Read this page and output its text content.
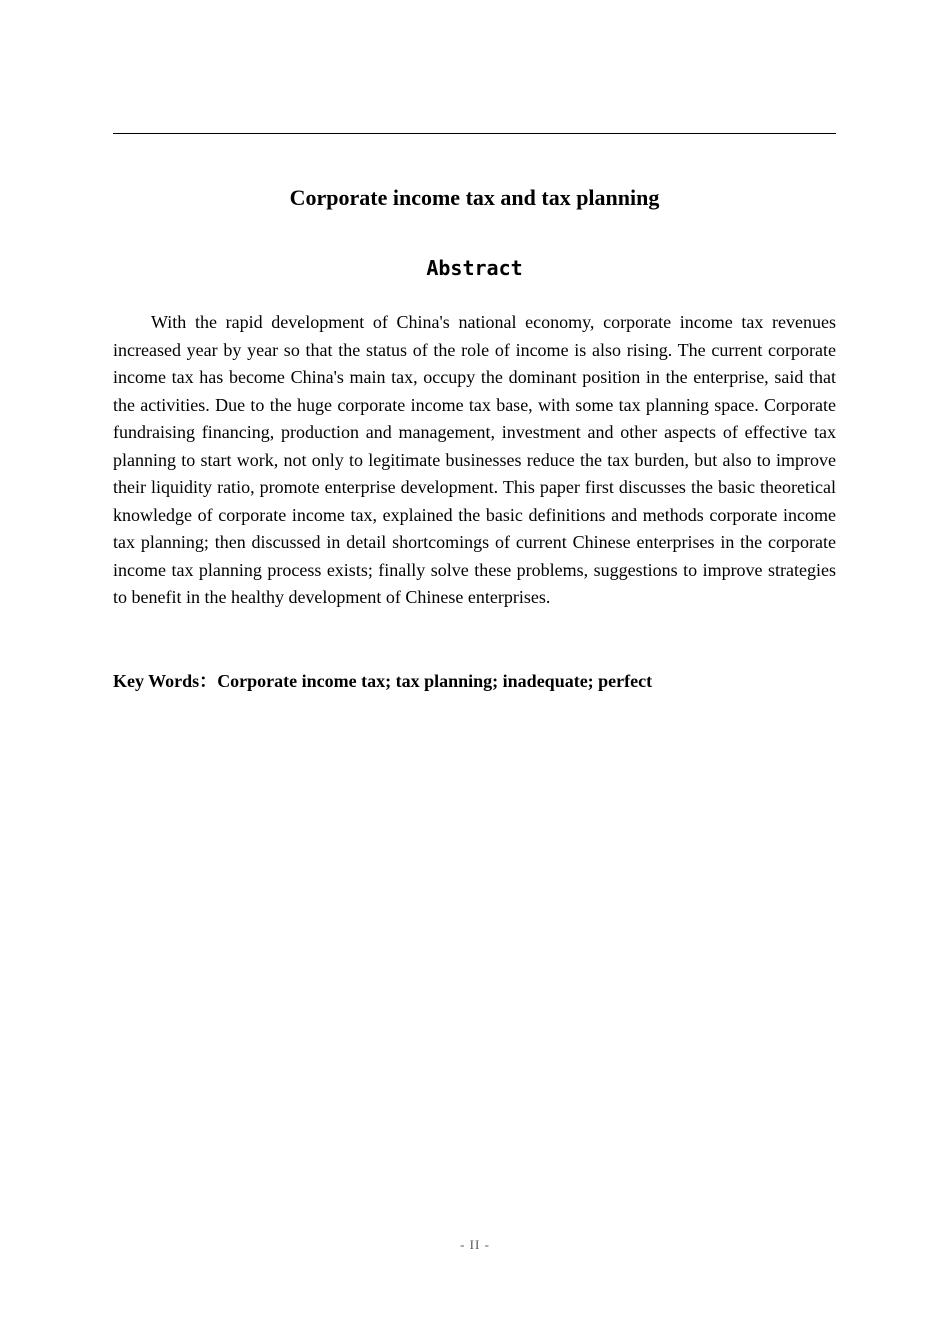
Corporate income tax and tax planning
Abstract

With the rapid development of China's national economy, corporate income tax revenues increased year by year so that the status of the role of income is also rising. The current corporate income tax has become China's main tax, occupy the dominant position in the enterprise, said that the activities. Due to the huge corporate income tax base, with some tax planning space. Corporate fundraising financing, production and management, investment and other aspects of effective tax planning to start work, not only to legitimate businesses reduce the tax burden, but also to improve their liquidity ratio, promote enterprise development. This paper first discusses the basic theoretical knowledge of corporate income tax, explained the basic definitions and methods corporate income tax planning; then discussed in detail shortcomings of current Chinese enterprises in the corporate income tax planning process exists; finally solve these problems, suggestions to improve strategies to benefit in the healthy development of Chinese enterprises.

Key Words：Corporate income tax; tax planning; inadequate; perfect

- II -
